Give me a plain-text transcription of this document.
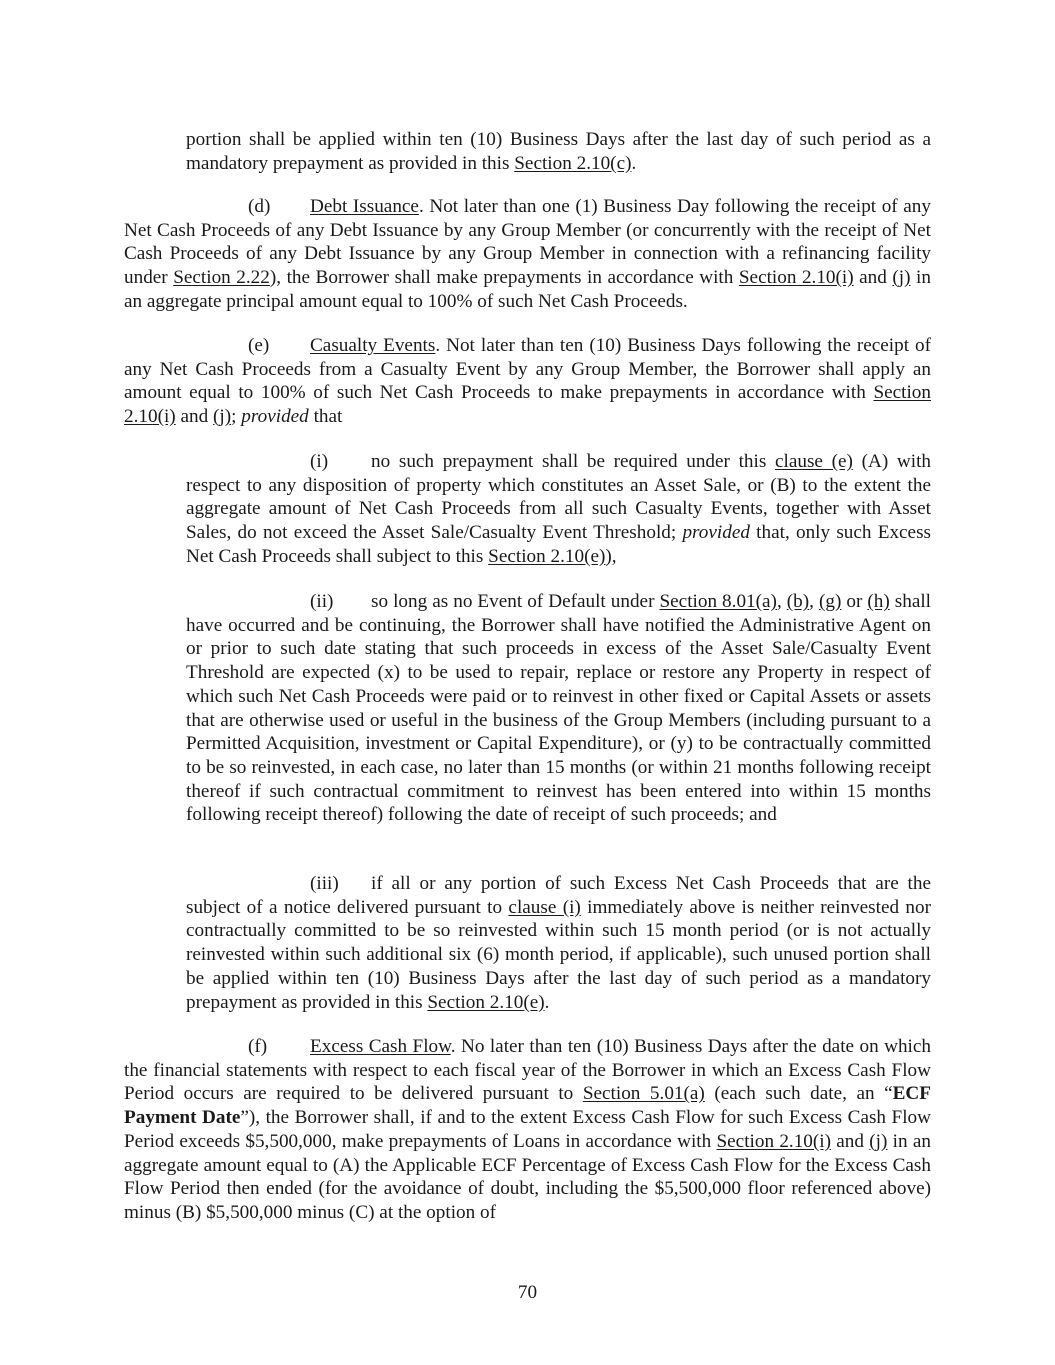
portion shall be applied within ten (10) Business Days after the last day of such period as a mandatory prepayment as provided in this Section 2.10(c).

(d) Debt Issuance. Not later than one (1) Business Day following the receipt of any Net Cash Proceeds of any Debt Issuance by any Group Member (or concurrently with the receipt of Net Cash Proceeds of any Debt Issuance by any Group Member in connection with a refinancing facility under Section 2.22), the Borrower shall make prepayments in accordance with Section 2.10(i) and (j) in an aggregate principal amount equal to 100% of such Net Cash Proceeds.

(e) Casualty Events. Not later than ten (10) Business Days following the receipt of any Net Cash Proceeds from a Casualty Event by any Group Member, the Borrower shall apply an amount equal to 100% of such Net Cash Proceeds to make prepayments in accordance with Section 2.10(i) and (j); provided that

(i) no such prepayment shall be required under this clause (e) (A) with respect to any disposition of property which constitutes an Asset Sale, or (B) to the extent the aggregate amount of Net Cash Proceeds from all such Casualty Events, together with Asset Sales, do not exceed the Asset Sale/Casualty Event Threshold; provided that, only such Excess Net Cash Proceeds shall subject to this Section 2.10(e)),

(ii) so long as no Event of Default under Section 8.01(a), (b), (g) or (h) shall have occurred and be continuing, the Borrower shall have notified the Administrative Agent on or prior to such date stating that such proceeds in excess of the Asset Sale/Casualty Event Threshold are expected (x) to be used to repair, replace or restore any Property in respect of which such Net Cash Proceeds were paid or to reinvest in other fixed or Capital Assets or assets that are otherwise used or useful in the business of the Group Members (including pursuant to a Permitted Acquisition, investment or Capital Expenditure), or (y) to be contractually committed to be so reinvested, in each case, no later than 15 months (or within 21 months following receipt thereof if such contractual commitment to reinvest has been entered into within 15 months following receipt thereof) following the date of receipt of such proceeds; and

(iii) if all or any portion of such Excess Net Cash Proceeds that are the subject of a notice delivered pursuant to clause (i) immediately above is neither reinvested nor contractually committed to be so reinvested within such 15 month period (or is not actually reinvested within such additional six (6) month period, if applicable), such unused portion shall be applied within ten (10) Business Days after the last day of such period as a mandatory prepayment as provided in this Section 2.10(e).

(f) Excess Cash Flow. No later than ten (10) Business Days after the date on which the financial statements with respect to each fiscal year of the Borrower in which an Excess Cash Flow Period occurs are required to be delivered pursuant to Section 5.01(a) (each such date, an “ECF Payment Date”), the Borrower shall, if and to the extent Excess Cash Flow for such Excess Cash Flow Period exceeds $5,500,000, make prepayments of Loans in accordance with Section 2.10(i) and (j) in an aggregate amount equal to (A) the Applicable ECF Percentage of Excess Cash Flow for the Excess Cash Flow Period then ended (for the avoidance of doubt, including the $5,500,000 floor referenced above) minus (B) $5,500,000 minus (C) at the option of

70
